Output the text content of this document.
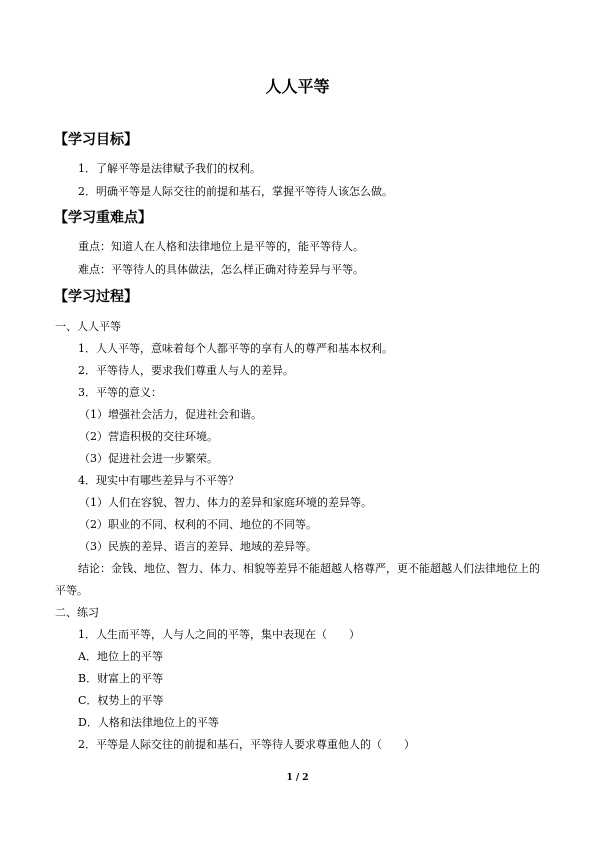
人人平等
【学习目标】

1．了解平等是法律赋予我们的权利。

2．明确平等是人际交往的前提和基石，掌握平等待人该怎么做。

【学习重难点】

重点：知道人在人格和法律地位上是平等的，能平等待人。

难点：平等待人的具体做法，怎么样正确对待差异与平等。

【学习过程】

一、人人平等

1．人人平等，意味着每个人都平等的享有人的尊严和基本权利。

2．平等待人，要求我们尊重人与人的差异。

3．平等的意义：

（1）增强社会活力，促进社会和谐。

（2）营造积极的交往环境。

（3）促进社会进一步繁荣。

4．现实中有哪些差异与不平等？

（1）人们在容貌、智力、体力的差异和家庭环境的差异等。

（2）职业的不同、权利的不同、地位的不同等。

（3）民族的差异、语言的差异、地域的差异等。

结论：金钱、地位、智力、体力、相貌等差异不能超越人格尊严，更不能超越人们法律地位上的平等。

二、练习

1．人生而平等，人与人之间的平等，集中表现在（　　）

A．地位上的平等

B．财富上的平等

C．权势上的平等

D．人格和法律地位上的平等

2．平等是人际交往的前提和基石，平等待人要求尊重他人的（　　）

1 / 2
